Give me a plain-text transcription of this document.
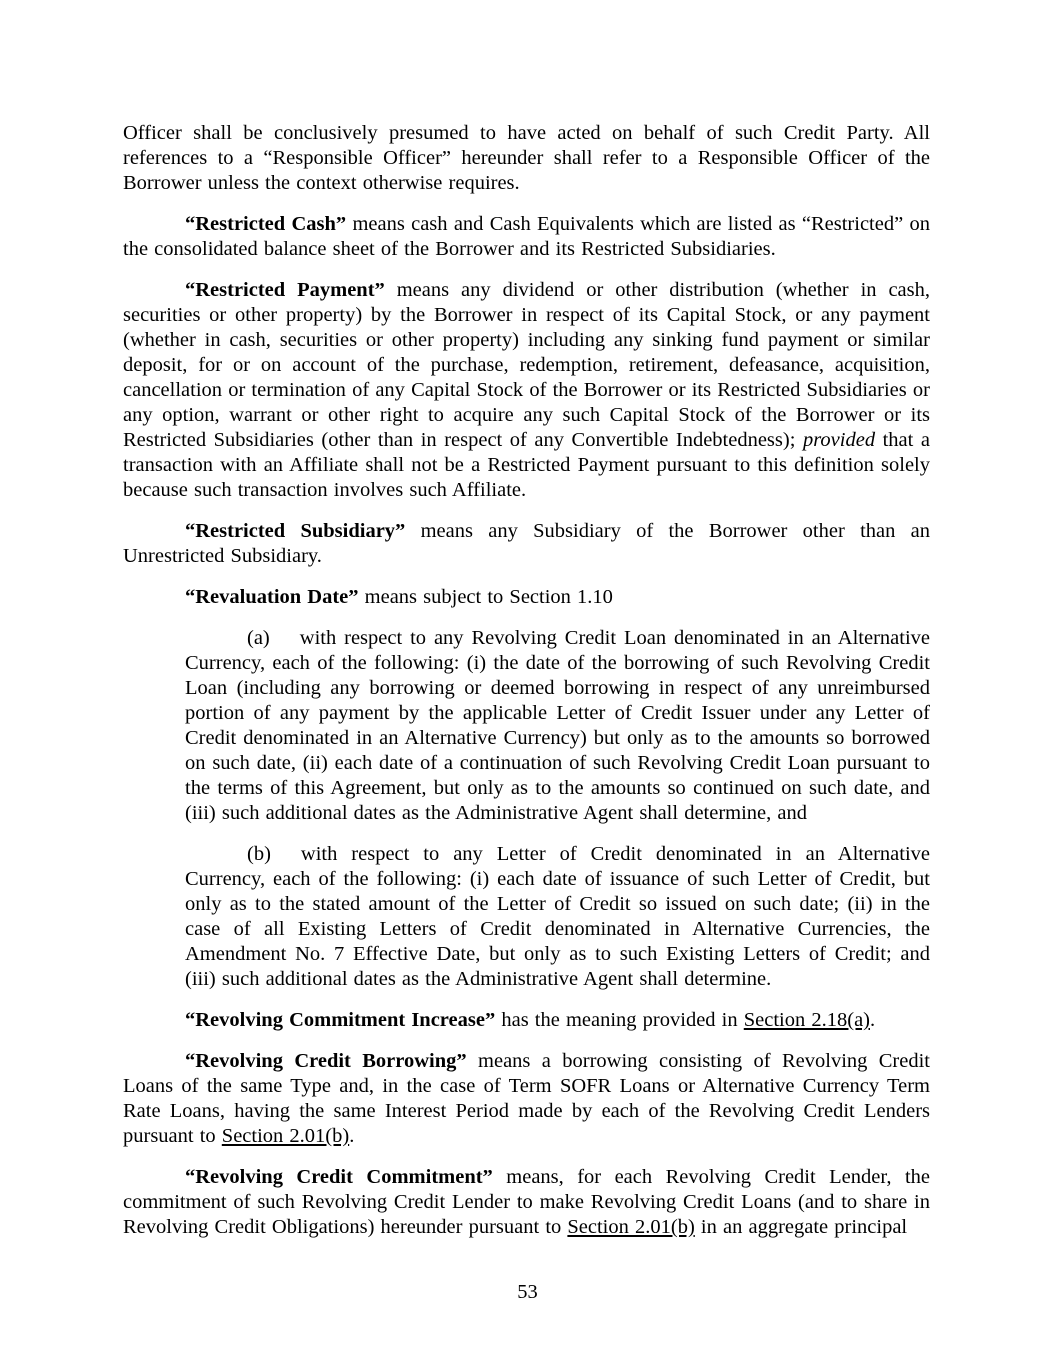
Officer shall be conclusively presumed to have acted on behalf of such Credit Party. All references to a “Responsible Officer” hereunder shall refer to a Responsible Officer of the Borrower unless the context otherwise requires.

“Restricted Cash” means cash and Cash Equivalents which are listed as “Restricted” on the consolidated balance sheet of the Borrower and its Restricted Subsidiaries.

“Restricted Payment” means any dividend or other distribution (whether in cash, securities or other property) by the Borrower in respect of its Capital Stock, or any payment (whether in cash, securities or other property) including any sinking fund payment or similar deposit, for or on account of the purchase, redemption, retirement, defeasance, acquisition, cancellation or termination of any Capital Stock of the Borrower or its Restricted Subsidiaries or any option, warrant or other right to acquire any such Capital Stock of the Borrower or its Restricted Subsidiaries (other than in respect of any Convertible Indebtedness); provided that a transaction with an Affiliate shall not be a Restricted Payment pursuant to this definition solely because such transaction involves such Affiliate.

“Restricted Subsidiary” means any Subsidiary of the Borrower other than an Unrestricted Subsidiary.

“Revaluation Date” means subject to Section 1.10

(a) with respect to any Revolving Credit Loan denominated in an Alternative Currency, each of the following: (i) the date of the borrowing of such Revolving Credit Loan (including any borrowing or deemed borrowing in respect of any unreimbursed portion of any payment by the applicable Letter of Credit Issuer under any Letter of Credit denominated in an Alternative Currency) but only as to the amounts so borrowed on such date, (ii) each date of a continuation of such Revolving Credit Loan pursuant to the terms of this Agreement, but only as to the amounts so continued on such date, and (iii) such additional dates as the Administrative Agent shall determine, and

(b) with respect to any Letter of Credit denominated in an Alternative Currency, each of the following: (i) each date of issuance of such Letter of Credit, but only as to the stated amount of the Letter of Credit so issued on such date; (ii) in the case of all Existing Letters of Credit denominated in Alternative Currencies, the Amendment No. 7 Effective Date, but only as to such Existing Letters of Credit; and (iii) such additional dates as the Administrative Agent shall determine.

“Revolving Commitment Increase” has the meaning provided in Section 2.18(a).

“Revolving Credit Borrowing” means a borrowing consisting of Revolving Credit Loans of the same Type and, in the case of Term SOFR Loans or Alternative Currency Term Rate Loans, having the same Interest Period made by each of the Revolving Credit Lenders pursuant to Section 2.01(b).

“Revolving Credit Commitment” means, for each Revolving Credit Lender, the commitment of such Revolving Credit Lender to make Revolving Credit Loans (and to share in Revolving Credit Obligations) hereunder pursuant to Section 2.01(b) in an aggregate principal

53
